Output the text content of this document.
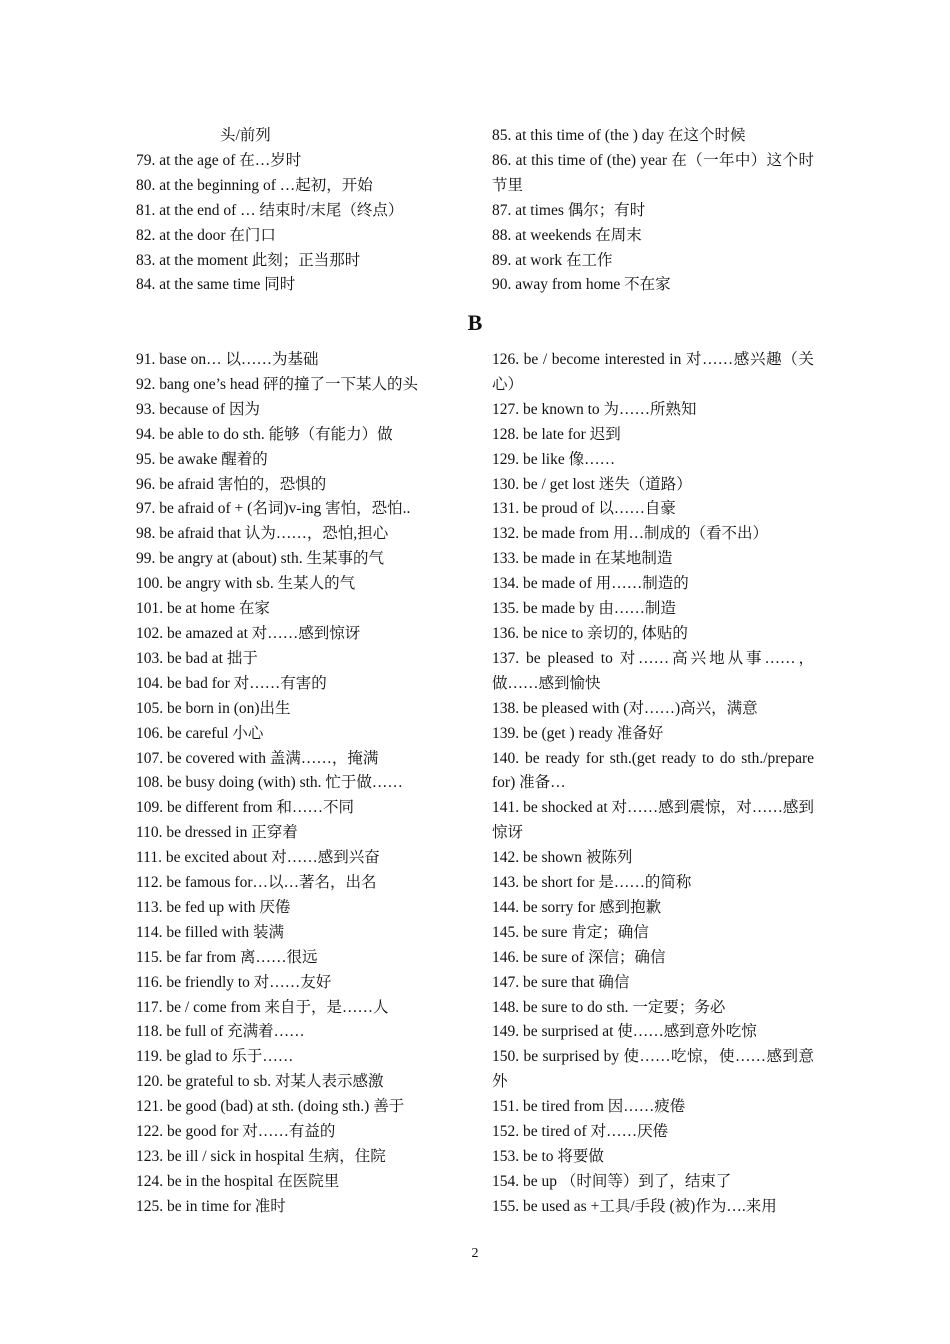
头/前列
79. at the age of 在…岁时
80. at the beginning of …起初，开始
81. at the end of … 结束时/末尾（终点）
82. at the door 在门口
83. at the moment 此刻；正当那时
84. at the same time 同时
85. at this time of (the ) day 在这个时候
86. at this time of (the) year 在（一年中）这个时节里
87. at times 偶尔；有时
88. at weekends 在周末
89. at work 在工作
90. away from home 不在家
B
91. base on… 以……为基础
92. bang one’s head 砰的撞了一下某人的头
93. because of 因为
94. be able to do sth. 能够（有能力）做
95. be awake 醒着的
96. be afraid 害怕的，恐惧的
97. be afraid of + (名词)v-ing 害怕，恐怕..
98. be afraid that 认为……，恐怕,担心
99. be angry at (about) sth. 生某事的气
100. be angry with sb. 生某人的气
101. be at home 在家
102. be amazed at 对……感到惊讶
103. be bad at 拙于
104. be bad for 对……有害的
105. be born in (on)出生
106. be careful 小心
107. be covered with 盖满……，掩满
108. be busy doing (with) sth. 忙于做……
109. be different from 和……不同
110. be dressed in 正穿着
111. be excited about 对……感到兴奋
112. be famous for…以…著名，出名
113. be fed up with 厌倦
114. be filled with 装满
115. be far from 离……很远
116. be friendly to 对……友好
117. be / come from 来自于，是……人
118. be full of 充满着……
119. be glad to 乐于……
120. be grateful to sb. 对某人表示感激
121. be good (bad) at sth. (doing sth.) 善于
122. be good for 对……有益的
123. be ill / sick in hospital 生病，住院
124. be in the hospital 在医院里
125. be in time for 准时
126. be / become interested in 对……感兴趣（关心）
127. be known to 为……所熟知
128. be late for 迟到
129. be like 像……
130. be / get lost 迷失（道路）
131. be proud of 以……自豪
132. be made from 用…制成的（看不出）
133. be made in 在某地制造
134. be made of 用……制造的
135. be made by 由……制造
136. be nice to 亲切的, 体贴的
137. be pleased to 对……高兴地从事……，做……感到愉快
138. be pleased with (对……)高兴，满意
139. be (get ) ready 准备好
140. be ready for sth.(get ready to do sth./prepare for) 准备…
141. be shocked at 对……感到震惊，对……感到惊讶
142. be shown 被陈列
143. be short for 是……的简称
144. be sorry for 感到抱歉
145. be sure 肯定；确信
146. be sure of 深信；确信
147. be sure that 确信
148. be sure to do sth. 一定要；务必
149. be surprised at 使……感到意外吃惊
150. be surprised by 使……吃惊，使……感到意外
151. be tired from 因……疲倦
152. be tired of 对……厌倦
153. be to 将要做
154. be up （时间等）到了，结束了
155. be used as +工具/手段 (被)作为….来用
2
